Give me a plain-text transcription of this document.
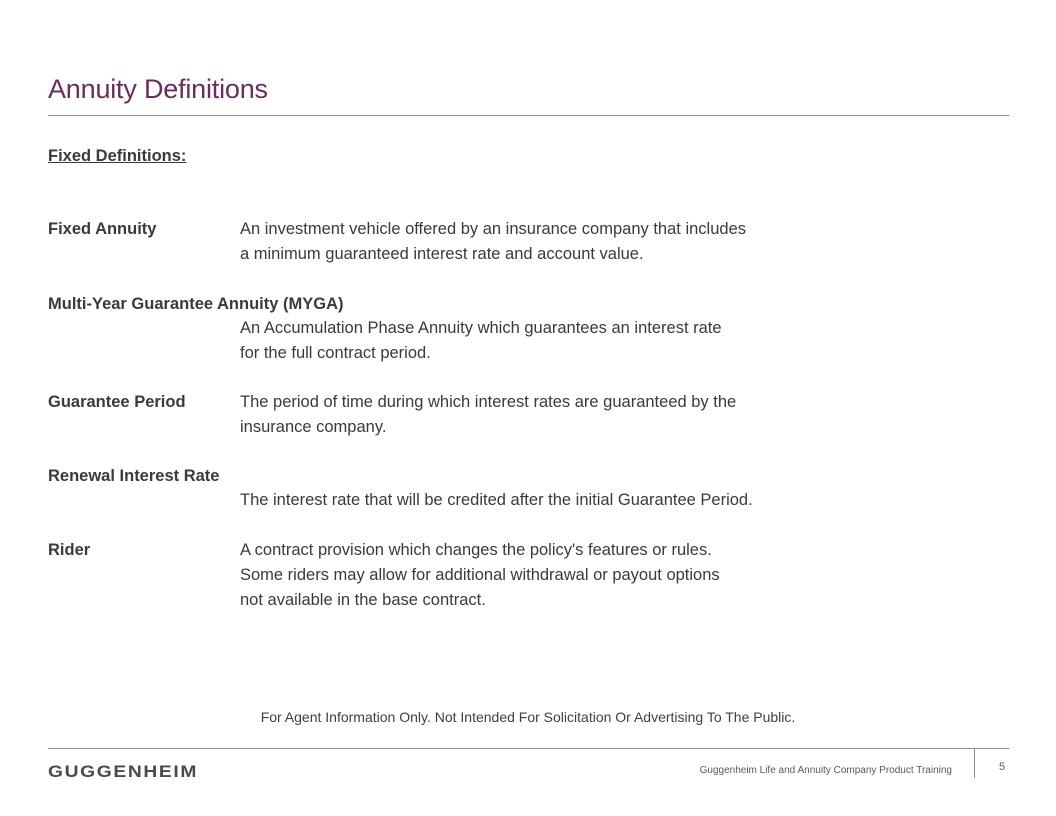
Annuity Definitions
Fixed Definitions:
Fixed Annuity	An investment vehicle offered by an insurance company that includes
a minimum guaranteed interest rate and account value.
Multi-Year Guarantee Annuity (MYGA)
An Accumulation Phase Annuity which guarantees an interest rate
for the full contract period.
Guarantee Period	The period of time during which interest rates are guaranteed by the
insurance company.
Renewal Interest Rate
The interest rate that will be credited after the initial Guarantee Period.
Rider	A contract provision which changes the policy's features or rules.
Some riders may allow for additional withdrawal or payout options
not available in the base contract.
For Agent Information Only. Not Intended For Solicitation Or Advertising To The Public.
GUGGENHEIM	Guggenheim Life and Annuity Company Product Training	5
